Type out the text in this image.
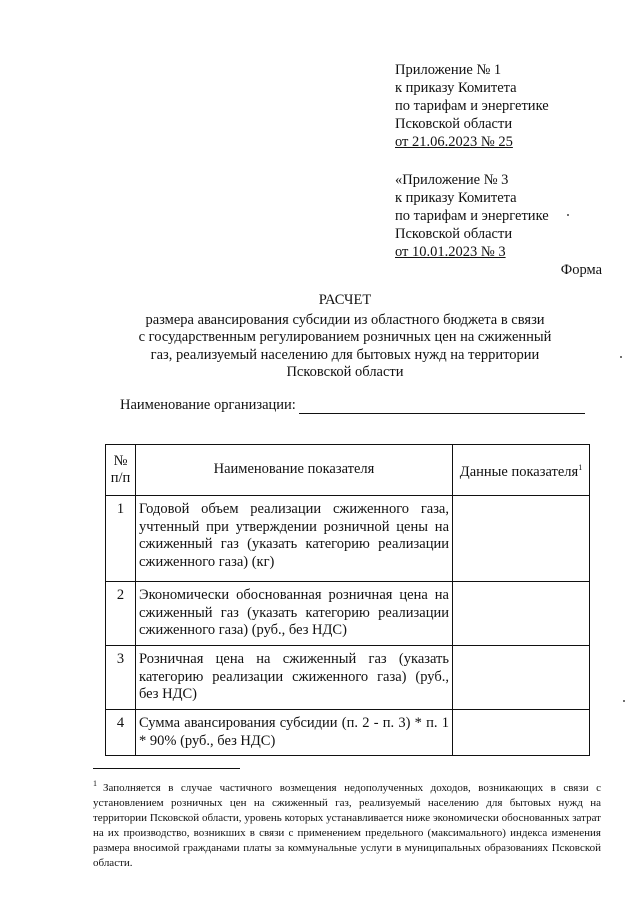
Приложение № 1
к приказу Комитета
по тарифам и энергетике
Псковской области
от 21.06.2023 № 25
«Приложение № 3
к приказу Комитета
по тарифам и энергетике
Псковской области
от 10.01.2023 № 3
Форма
РАСЧЕТ
размера авансирования субсидии из областного бюджета в связи
с государственным регулированием розничных цен на сжиженный
газ, реализуемый населению для бытовых нужд на территории
Псковской области
Наименование организации:
№
п/п	Наименование показателя	Данные показателя$^1$
1	Годовой объем реализации сжиженного газа, учтенный при утверждении розничной цены на сжиженный газ (указать категорию реализации сжиженного газа) (кг)	
2	Экономически обоснованная розничная цена на сжиженный газ (указать категорию реализации сжиженного газа) (руб., без НДС)	
3	Розничная цена на сжиженный газ (указать категорию реализации сжиженного газа) (руб., без НДС)	
4	Сумма авансирования субсидии (п. 2 - п. 3) * п. 1 * 90% (руб., без НДС)	
$^1$ Заполняется в случае частичного возмещения недополученных доходов, возникающих в связи с установлением розничных цен на сжиженный газ, реализуемый населению для бытовых нужд на территории Псковской области, уровень которых устанавливается ниже экономически обоснованных затрат на их производство, возникших в связи с применением предельного (максимального) индекса изменения размера вносимой гражданами платы за коммунальные услуги в муниципальных образованиях Псковской области.
